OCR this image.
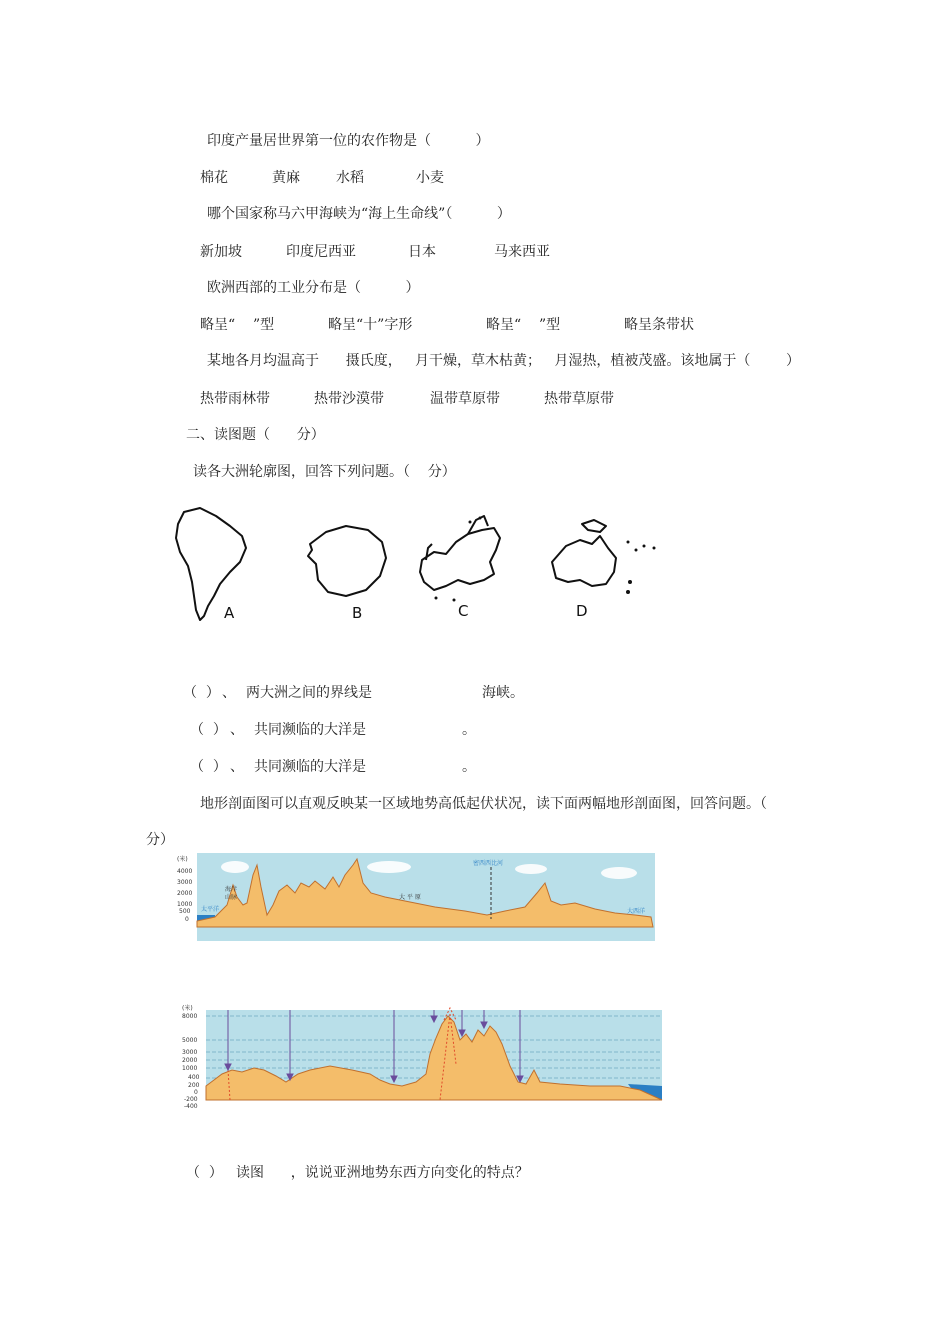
印度产量居世界第一位的农作物是（          ）

棉花

	黄麻

	水稻

	小麦

哪个国家称马六甲海峡为“海上生命线”（          ）

新加坡

	印度尼西亚

	日本

	马来西亚

欧洲西部的工业分布是（          ）

略呈“    ”型

	略呈“十”字形

	略呈“    ”型

	略呈条带状

某地各月均温高于      摄氏度，   月干燥，草木枯黄；   月湿热，植被茂盛。该地属于（        ）

热带雨林带

	热带沙漠带

	温带草原带

	热带草原带

二、读图题（      分）
读各大洲轮廓图，回答下列问题。（    分）
A	B	C	D

（  ）

、

两大洲之间的界线是

	海峡。

（  ）

、

共同濒临的大洋是

	。

（  ）

、

共同濒临的大洋是

	。

地形剖面图可以直观反映某一区域地势高低起伏状况，读下面两幅地形剖面图，回答问题。（
分）
(米)
4000
3000
2000
1000
500
0
太平洋
海岸
山脉	大 平 原
密西西比河
大西洋
(米)
8000
5000
3000
2000
1000
400
200
0
-200
-400

（  ）

读图      ，说说亚洲地势东西方向变化的特点？
